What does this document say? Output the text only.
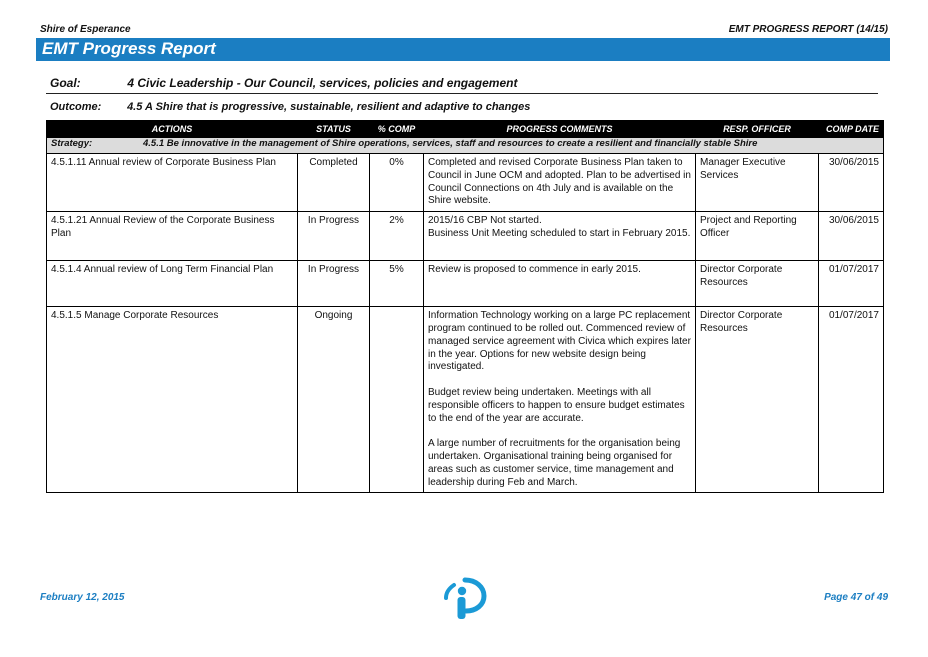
Shire of Esperance	EMT PROGRESS REPORT (14/15)
EMT Progress Report
Goal:	4 Civic Leadership - Our Council, services, policies and engagement
Outcome: 4.5 A Shire that is progressive, sustainable, resilient and adaptive to changes
ACTIONS	STATUS	% COMP	PROGRESS COMMENTS	RESP. OFFICER	COMP DATE
Strategy: 4.5.1 Be innovative in the management of Shire operations, services, staff and resources to create a resilient and financially stable Shire					
4.5.1.11 Annual review of Corporate Business Plan	Completed	0%	Completed and revised Corporate Business Plan taken to Council in June OCM and adopted. Plan to be advertised in Council Connections on 4th July and is available on the Shire website.	Manager Executive Services	30/06/2015
4.5.1.21 Annual Review of the Corporate Business Plan	In Progress	2%	2015/16 CBP Not started.
Business Unit Meeting scheduled to start in February 2015.	Project and Reporting Officer	30/06/2015
4.5.1.4 Annual review of Long Term Financial Plan	In Progress	5%	Review is proposed to commence in early 2015.	Director Corporate Resources	01/07/2017
4.5.1.5 Manage Corporate Resources	Ongoing		Information Technology working on a large PC replacement program continued to be rolled out. Commenced review of managed service agreement with Civica which expires later in the year. Options for new website design being investigated.

Budget review being undertaken. Meetings with all responsible officers to happen to ensure budget estimates to the end of the year are accurate.

A large number of recruitments for the organisation being undertaken. Organisational training being organised for areas such as customer service, time management and leadership during Feb and March.	Director Corporate Resources	01/07/2017
February 12, 2015	Page 47 of 49
